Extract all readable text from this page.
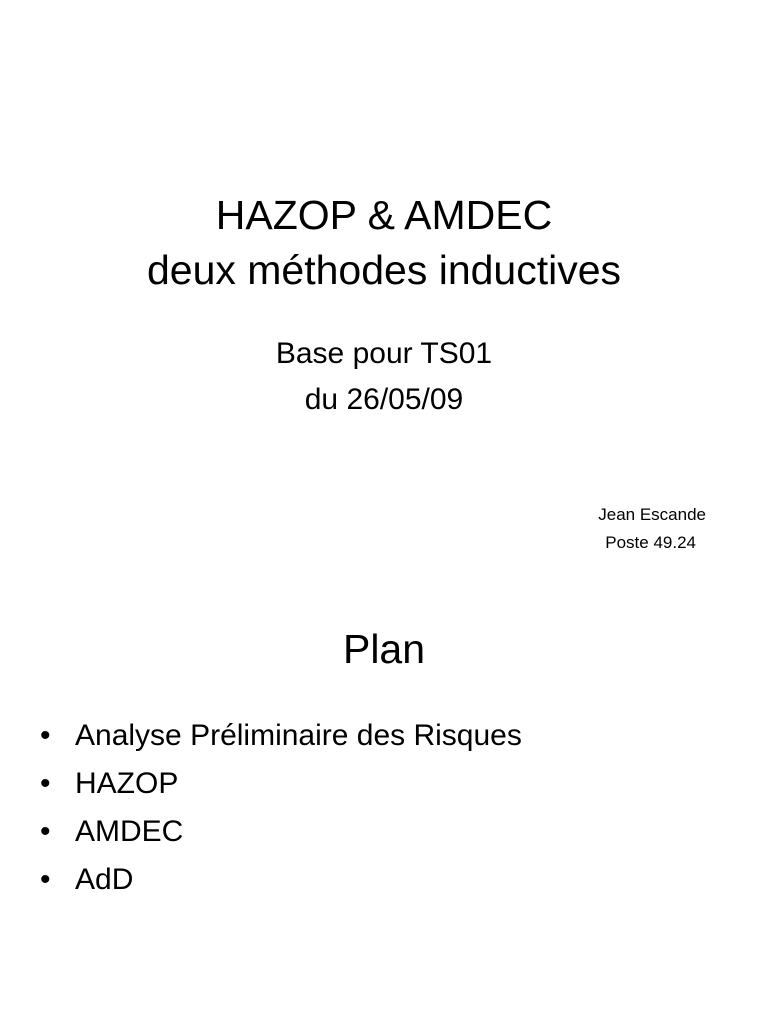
HAZOP & AMDEC
deux méthodes inductives

Base pour TS01

du 26/05/09

Jean Escande
Poste 49.24
Plan
• Analyse Préliminaire des Risques
• HAZOP
• AMDEC
• AdD
